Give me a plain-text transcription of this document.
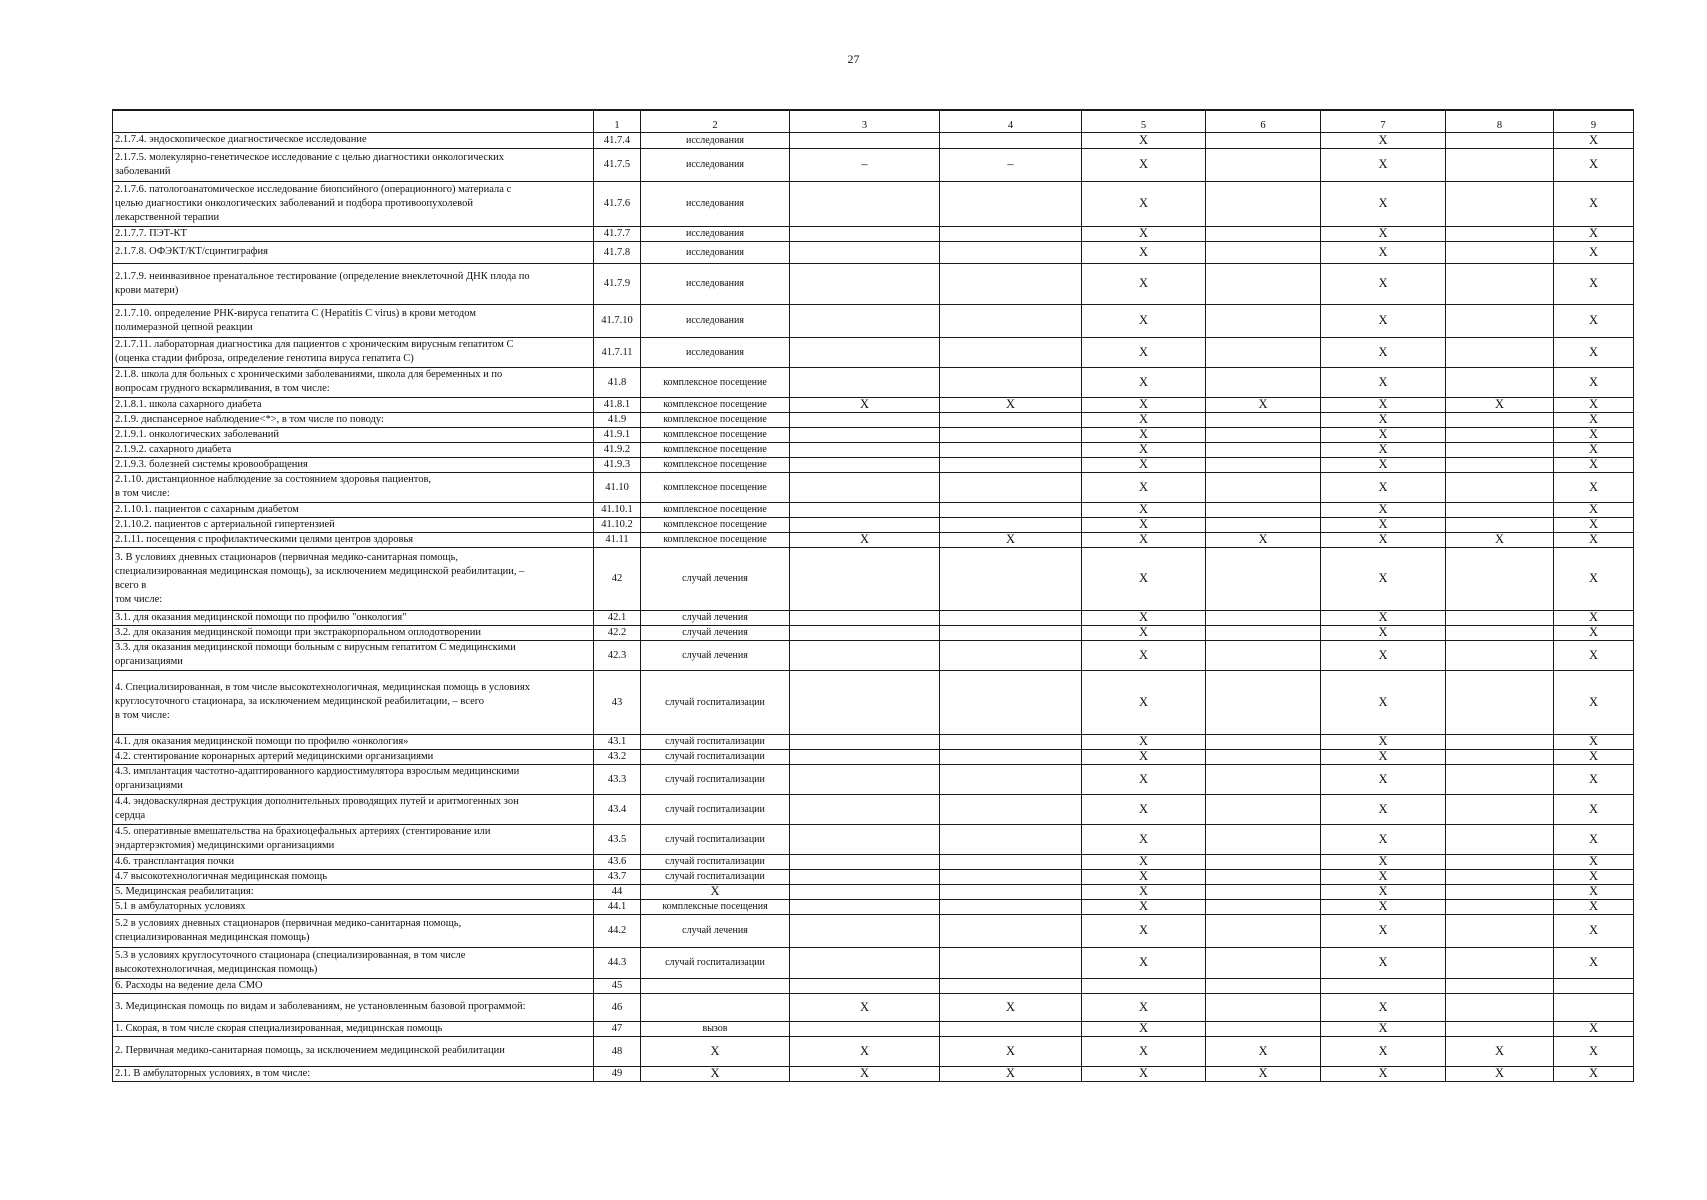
27
	1	2	3	4	5	6	7	8	9
2.1.7.4. эндоскопическое диагностическое исследование	41.7.4	исследования			X		X		X
2.1.7.5. молекулярно-генетическое исследование с целью диагностики онкологических
заболеваний	41.7.5	исследования	–	–	X		X		X
2.1.7.6. патологоанатомическое исследование биопсийного (операционного) материала с
целью диагностики онкологических заболеваний и подбора противоопухолевой
лекарственной терапии	41.7.6	исследования			X		X		X
2.1.7.7. ПЭТ-КТ	41.7.7	исследования			X		X		X
2.1.7.8. ОФЭКТ/КТ/сцинтиграфия	41.7.8	исследования			X		X		X
2.1.7.9. неинвазивное пренатальное тестирование (определение внеклеточной ДНК плода по
крови матери)	41.7.9	исследования			X		X		X
2.1.7.10. определение РНК-вируса гепатита С (Hepatitis C virus) в крови методом
полимеразной цепной реакции	41.7.10	исследования			X		X		X
2.1.7.11. лабораторная диагностика для пациентов с хроническим вирусным гепатитом С
(оценка стадии фиброза, определение генотипа вируса гепатита С)	41.7.11	исследования			X		X		X
2.1.8. школа для больных с хроническими заболеваниями, школа для беременных и по
вопросам грудного вскармливания, в том числе:	41.8	комплексное посещение			X		X		X
2.1.8.1. школа сахарного диабета	41.8.1	комплексное посещение	X	X	X	X	X	X	X
2.1.9. диспансерное наблюдение<*>, в том числе по поводу:	41.9	комплексное посещение			X		X		X
2.1.9.1. онкологических заболеваний	41.9.1	комплексное посещение			X		X		X
2.1.9.2. сахарного диабета	41.9.2	комплексное посещение			X		X		X
2.1.9.3. болезней системы кровообращения	41.9.3	комплексное посещение			X		X		X
2.1.10. дистанционное наблюдение за состоянием здоровья пациентов,
в том числе:	41.10	комплексное посещение			X		X		X
2.1.10.1. пациентов с сахарным диабетом	41.10.1	комплексное посещение			X		X		X
2.1.10.2. пациентов с артериальной гипертензией	41.10.2	комплексное посещение			X		X		X
2.1.11. посещения с профилактическими целями центров здоровья	41.11	комплексное посещение	X	X	X	X	X	X	X
3. В условиях дневных стационаров (первичная медико-санитарная помощь,
специализированная медицинская помощь), за исключением медицинской реабилитации, –
всего в
том числе:	42	случай лечения			X		X		X
3.1. для оказания медицинской помощи по профилю "онкология"	42.1	случай лечения			X		X		X
3.2. для оказания медицинской помощи при экстракорпоральном оплодотворении	42.2	случай лечения			X		X		X
3.3. для оказания медицинской помощи больным с вирусным гепатитом С медицинскими
организациями	42.3	случай лечения			X		X		X
4. Специализированная, в том числе высокотехнологичная, медицинская помощь в условиях
круглосуточного стационара, за исключением медицинской реабилитации, – всего
в том числе:	43	случай госпитализации			X		X		X
4.1. для оказания медицинской помощи по профилю «онкология»	43.1	случай госпитализации			X		X		X
4.2. стентирование коронарных артерий медицинскими организациями	43.2	случай госпитализации			X		X		X
4.3. имплантация частотно-адаптированного кардиостимулятора взрослым медицинскими
организациями	43.3	случай госпитализации			X		X		X
4.4. эндоваскулярная деструкция дополнительных проводящих путей и аритмогенных зон
сердца	43.4	случай госпитализации			X		X		X
4.5. оперативные вмешательства на брахиоцефальных артериях (стентирование или
эндартерэктомия) медицинскими организациями	43.5	случай госпитализации			X		X		X
4.6. трансплантация почки	43.6	случай госпитализации			X		X		X
4.7 высокотехнологичная медицинская помощь	43.7	случай госпитализации			X		X		X
5. Медицинская реабилитация:	44	X			X		X		X
5.1 в амбулаторных условиях	44.1	комплексные посещения			X		X		X
5.2 в условиях дневных стационаров (первичная медико-санитарная помощь,
специализированная медицинская помощь)	44.2	случай лечения			X		X		X
5.3 в условиях круглосуточного стационара (специализированная, в том числе
высокотехнологичная, медицинская помощь)	44.3	случай госпитализации			X		X		X
6. Расходы на ведение дела СМО	45								
3. Медицинская помощь по видам и заболеваниям, не установленным базовой программой:	46		X	X	X		X		
1. Скорая, в том числе скорая специализированная, медицинская помощь	47	вызов			X		X		X
2. Первичная медико-санитарная помощь, за исключением медицинской реабилитации	48	X	X	X	X	X	X	X	X
2.1. В амбулаторных условиях, в том числе:	49	X	X	X	X	X	X	X	X
